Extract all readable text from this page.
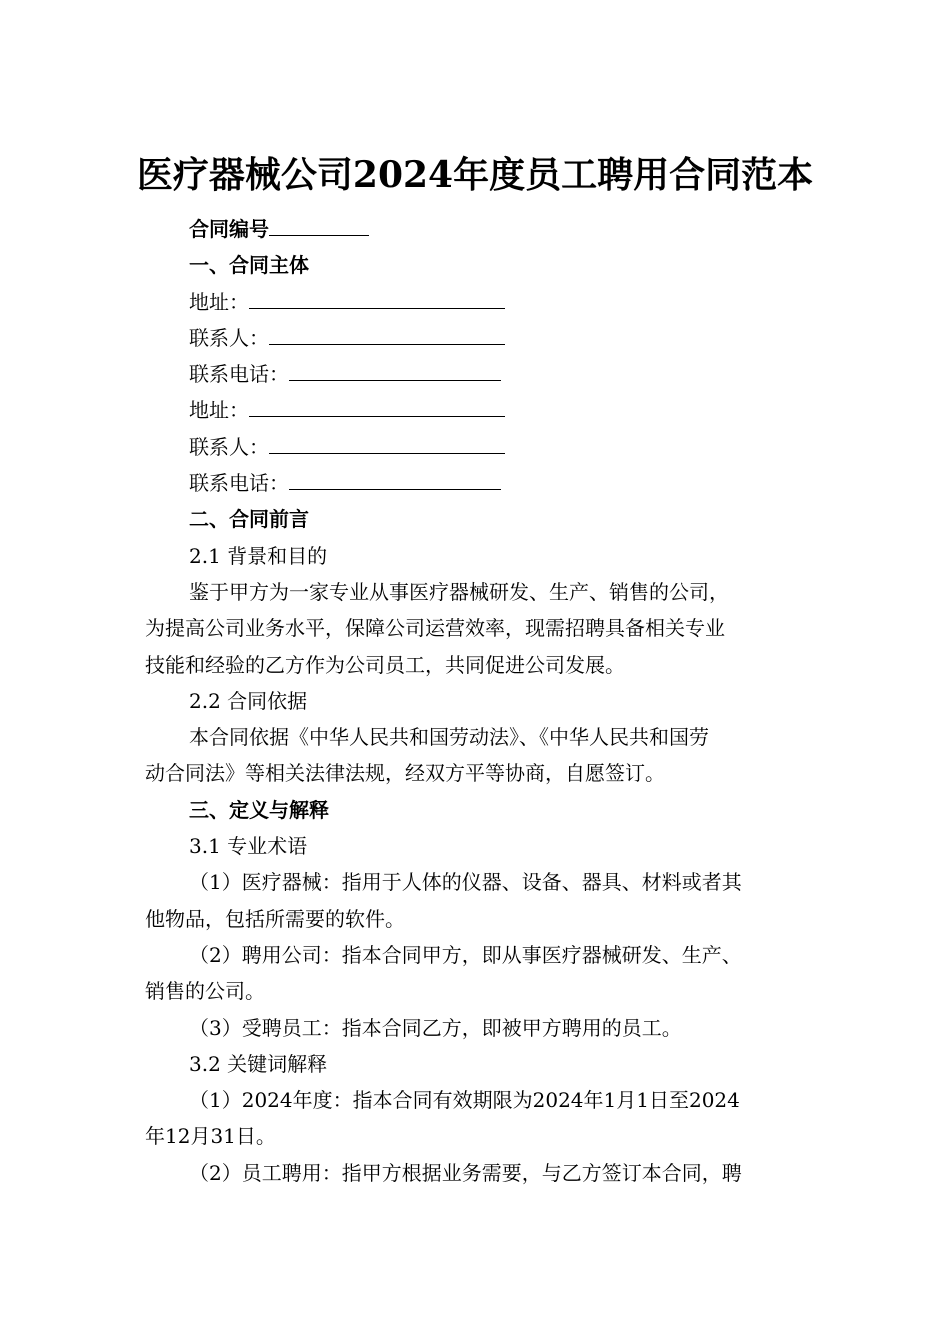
医疗器械公司2024年度员工聘用合同范本
合同编号
一、合同主体
地址：
联系人：
联系电话：
地址：
联系人：
联系电话：
二、合同前言
2.1 背景和目的
鉴于甲方为一家专业从事医疗器械研发、生产、销售的公司，
为提高公司业务水平，保障公司运营效率，现需招聘具备相关专业
技能和经验的乙方作为公司员工，共同促进公司发展。
2.2 合同依据
本合同依据《中华人民共和国劳动法》、《中华人民共和国劳
动合同法》等相关法律法规，经双方平等协商，自愿签订。
三、定义与解释
3.1 专业术语
（1）医疗器械：指用于人体的仪器、设备、器具、材料或者其
他物品，包括所需要的软件。
（2）聘用公司：指本合同甲方，即从事医疗器械研发、生产、
销售的公司。
（3）受聘员工：指本合同乙方，即被甲方聘用的员工。
3.2 关键词解释
（1）2024年度：指本合同有效期限为2024年1月1日至2024
年12月31日。
（2）员工聘用：指甲方根据业务需要，与乙方签订本合同，聘
